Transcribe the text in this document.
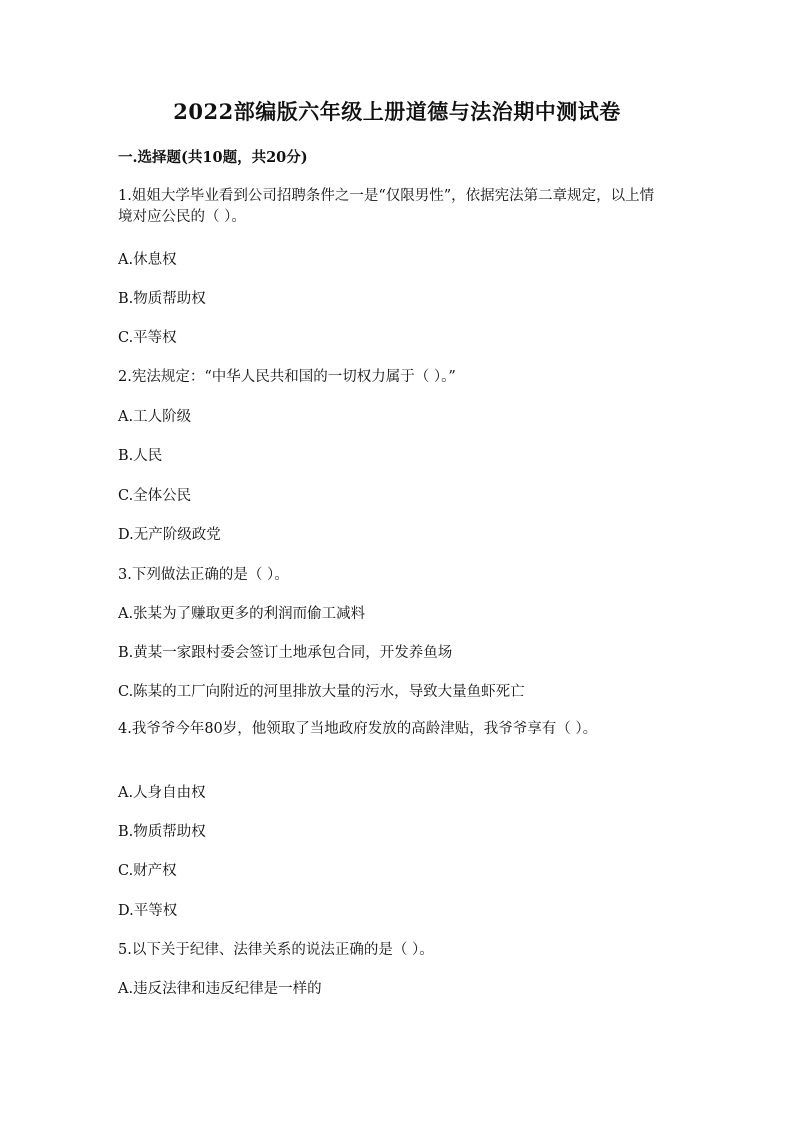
2022部编版六年级上册道德与法治期中测试卷
一.选择题(共10题，共20分)
1.姐姐大学毕业看到公司招聘条件之一是“仅限男性”，依据宪法第二章规定，以上情境对应公民的（ ）。
A.休息权
B.物质帮助权
C.平等权
2.宪法规定：“中华人民共和国的一切权力属于（ ）。”
A.工人阶级
B.人民
C.全体公民
D.无产阶级政党
3.下列做法正确的是（ ）。
A.张某为了赚取更多的利润而偷工减料
B.黄某一家跟村委会签订土地承包合同，开发养鱼场
C.陈某的工厂向附近的河里排放大量的污水，导致大量鱼虾死亡
4.我爷爷今年80岁，他领取了当地政府发放的高龄津贴，我爷爷享有（ ）。
A.人身自由权
B.物质帮助权
C.财产权
D.平等权
5.以下关于纪律、法律关系的说法正确的是（ ）。
A.违反法律和违反纪律是一样的
